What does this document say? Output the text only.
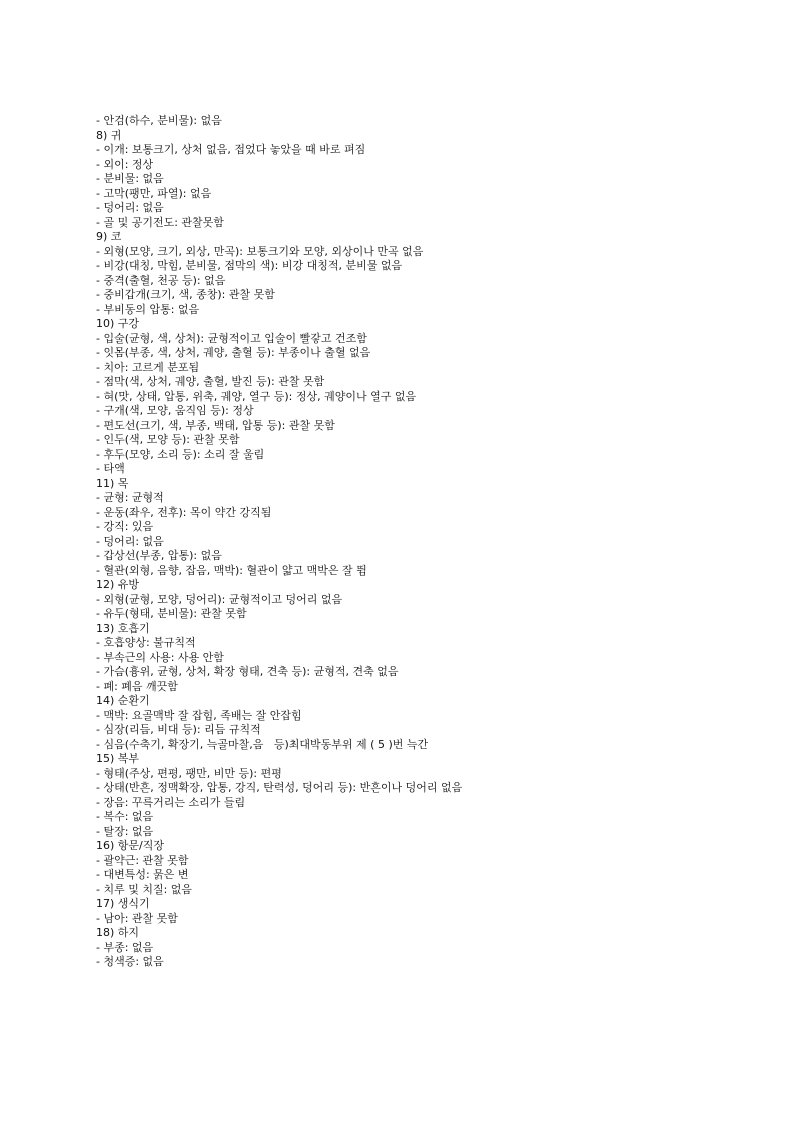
- 안검(하수, 분비물): 없음
8) 귀
- 이개: 보통크기, 상처 없음, 접었다 놓았을 때 바로 펴짐
- 외이: 정상
- 분비물: 없음
- 고막(팽만, 파열): 없음
- 덩어리: 없음
- 골 및 공기전도: 관찰못함
9) 코
- 외형(모양, 크기, 외상, 만곡): 보통크기와 모양, 외상이나 만곡 없음
- 비강(대칭, 막힘, 분비물, 점막의 색): 비강 대칭적, 분비물 없음
- 중격(출혈, 천공 등): 없음
- 중비갑개(크기, 색, 종창): 관찰 못함
- 부비동의 압통: 없음
10) 구강
- 입술(균형, 색, 상처): 균형적이고 입술이 빨갛고 건조함
- 잇몸(부종, 색, 상처, 궤양, 출혈 등): 부종이나 출혈 없음
- 치아: 고르게 분포됨
- 점막(색, 상처, 궤양, 출혈, 발진 등): 관찰 못함
- 혀(맛, 상태, 압통, 위축, 궤양, 열구 등): 정상, 궤양이나 열구 없음
- 구개(색, 모양, 움직임 등): 정상
- 편도선(크기, 색, 부종, 백태, 압통 등): 관찰 못함
- 인두(색, 모양 등): 관찰 못함
- 후두(모양, 소리 등): 소리 잘 울림
- 타액
11) 목
- 균형: 균형적
- 운동(좌우, 전후): 목이 약간 강직됨
- 강직: 있음
- 덩어리: 없음
- 갑상선(부종, 압통): 없음
- 혈관(외형, 음향, 잡음, 맥박): 혈관이 얇고 맥박은 잘 뜀
12) 유방
- 외형(균형, 모양, 덩어리): 균형적이고 덩어리 없음
- 유두(형태, 분비물): 관찰 못함
13) 호흡기
- 호흡양상: 불규칙적
- 부속근의 사용: 사용 안함
- 가슴(흉위, 균형, 상처, 확장 형태, 견축 등): 균형적, 견축 없음
- 폐: 폐음 깨끗함
14) 순환기
- 맥박: 요골맥박 잘 잡힘, 족배는 잘 안잡힘
- 심장(리듬, 비대 등): 리듬 규칙적
- 심음(수축기, 확장기, 늑골마찰,음   등)최대박동부위 제 ( 5 )번 늑간
15) 복부
- 형태(주상, 편평, 팽만, 비만 등): 편평
- 상태(반흔, 정맥확장, 압통, 강직, 탄력성, 덩어리 등): 반흔이나 덩어리 없음
- 장음: 꾸륵거리는 소리가 들림
- 복수: 없음
- 탈장: 없음
16) 항문/직장
- 괄약근: 관찰 못함
- 대변특성: 묽은 변
- 치루 및 치질: 없음
17) 생식기
- 남아: 관찰 못함
18) 하지
- 부종: 없음
- 청색증: 없음
